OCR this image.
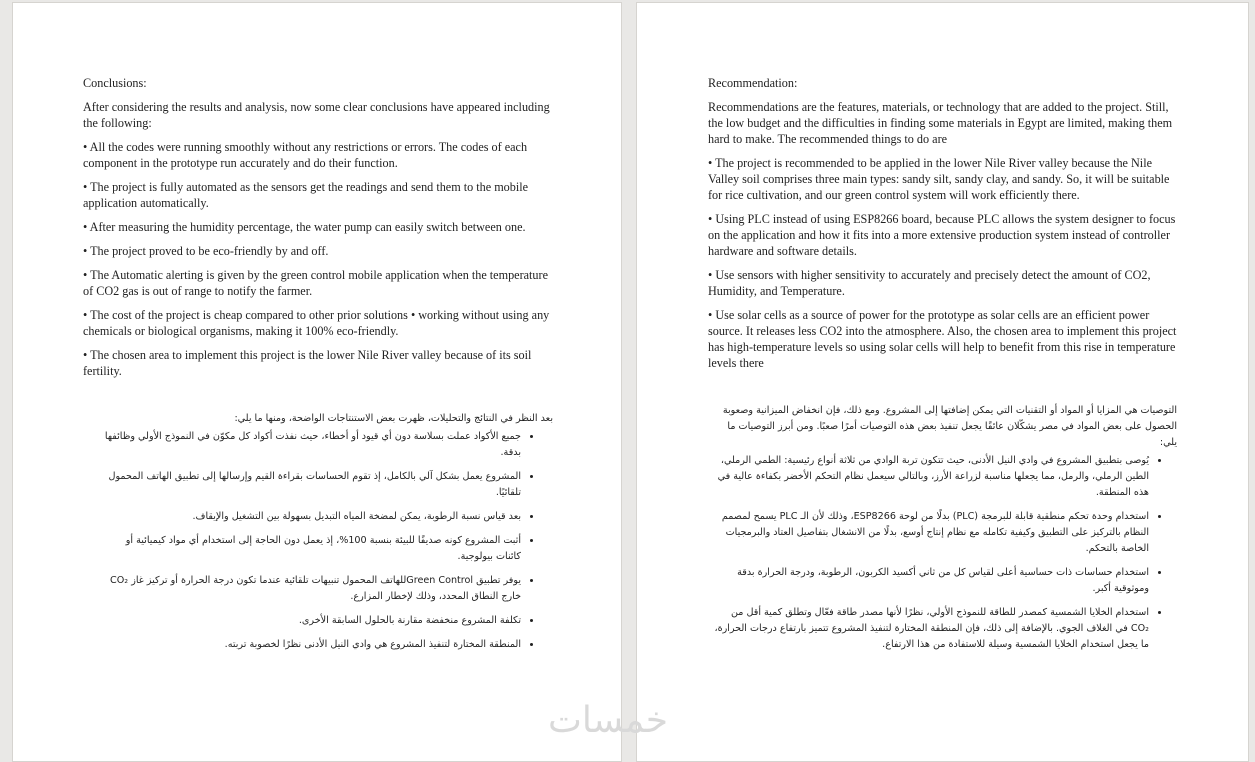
Conclusions:

After considering the results and analysis, now some clear conclusions have appeared including the following:

• All the codes were running smoothly without any restrictions or errors. The codes of each component in the prototype run accurately and do their function.

• The project is fully automated as the sensors get the readings and send them to the mobile application automatically.

• After measuring the humidity percentage, the water pump can easily switch between one.

• The project proved to be eco-friendly by and off.

• The Automatic alerting is given by the green control mobile application when the temperature of CO2 gas is out of range to notify the farmer.

• The cost of the project is cheap compared to other prior solutions • working without using any chemicals or biological organisms, making it 100% eco-friendly.

• The chosen area to implement this project is the lower Nile River valley because of its soil fertility.

بعد النظر في النتائج والتحليلات، ظهرت بعض الاستنتاجات الواضحة، ومنها ما يلي:

• جميع الأكواد عملت بسلاسة دون أي قيود أو أخطاء، حيث نفذت أكواد كل مكوّن في النموذج الأولي وظائفها بدقة.
• المشروع يعمل بشكل آلي بالكامل، إذ تقوم الحساسات بقراءة القيم وإرسالها إلى تطبيق الهاتف المحمول تلقائيًا.
• بعد قياس نسبة الرطوبة، يمكن لمضخة المياه التبديل بسهولة بين التشغيل والإيقاف.
• أثبت المشروع كونه صديقًا للبيئة بنسبة 100%، إذ يعمل دون الحاجة إلى استخدام أي مواد كيميائية أو كائنات بيولوجية.
• يوفر تطبيق Green Controlللهاتف المحمول تنبيهات تلقائية عندما تكون درجة الحرارة أو تركيز غاز CO₂ خارج النطاق المحدد، وذلك لإخطار المزارع.
• تكلفة المشروع منخفضة مقارنة بالحلول السابقة الأخرى.
• المنطقة المختارة لتنفيذ المشروع هي وادي النيل الأدنى نظرًا لخصوبة تربته.

Recommendation:

Recommendations are the features, materials, or technology that are added to the project. Still, the low budget and the difficulties in finding some materials in Egypt are limited, making them hard to make. The recommended things to do are

• The project is recommended to be applied in the lower Nile River valley because the Nile Valley soil comprises three main types: sandy silt, sandy clay, and sandy. So, it will be suitable for rice cultivation, and our green control system will work efficiently there.

• Using PLC instead of using ESP8266 board, because PLC allows the system designer to focus on the application and how it fits into a more extensive production system instead of controller hardware and software details.

• Use sensors with higher sensitivity to accurately and precisely detect the amount of CO2, Humidity, and Temperature.

• Use solar cells as a source of power for the prototype as solar cells are an efficient power source. It releases less CO2 into the atmosphere. Also, the chosen area to implement this project has high-temperature levels so using solar cells will help to benefit from this rise in temperature levels there

التوصيات هي المزايا أو المواد أو التقنيات التي يمكن إضافتها إلى المشروع. ومع ذلك، فإن انخفاض الميزانية وصعوبة الحصول على بعض المواد في مصر يشكّلان عائقًا يجعل تنفيذ بعض هذه التوصيات أمرًا صعبًا. ومن أبرز التوصيات ما يلي:

• يُوصى بتطبيق المشروع في وادي النيل الأدنى، حيث تتكون تربة الوادي من ثلاثة أنواع رئيسية: الطمي الرملي، الطين الرملي، والرمل، مما يجعلها مناسبة لزراعة الأرز، وبالتالي سيعمل نظام التحكم الأخضر بكفاءة عالية في هذه المنطقة.
• استخدام وحدة تحكم منطقية قابلة للبرمجة (PLC) بدلًا من لوحة ESP8266، وذلك لأن الـ PLC يسمح لمصمم النظام بالتركيز على التطبيق وكيفية تكامله مع نظام إنتاج أوسع، بدلًا من الانشغال بتفاصيل العتاد والبرمجيات الخاصة بالتحكم.
• استخدام حساسات ذات حساسية أعلى لقياس كل من ثاني أكسيد الكربون، الرطوبة، ودرجة الحرارة بدقة وموثوقية أكبر.
• استخدام الخلايا الشمسية كمصدر للطاقة للنموذج الأولي، نظرًا لأنها مصدر طاقة فعّال وتطلق كمية أقل من CO₂ في الغلاف الجوي. بالإضافة إلى ذلك، فإن المنطقة المختارة لتنفيذ المشروع تتميز بارتفاع درجات الحرارة، ما يجعل استخدام الخلايا الشمسية وسيلة للاستفادة من هذا الارتفاع.
خمسات
